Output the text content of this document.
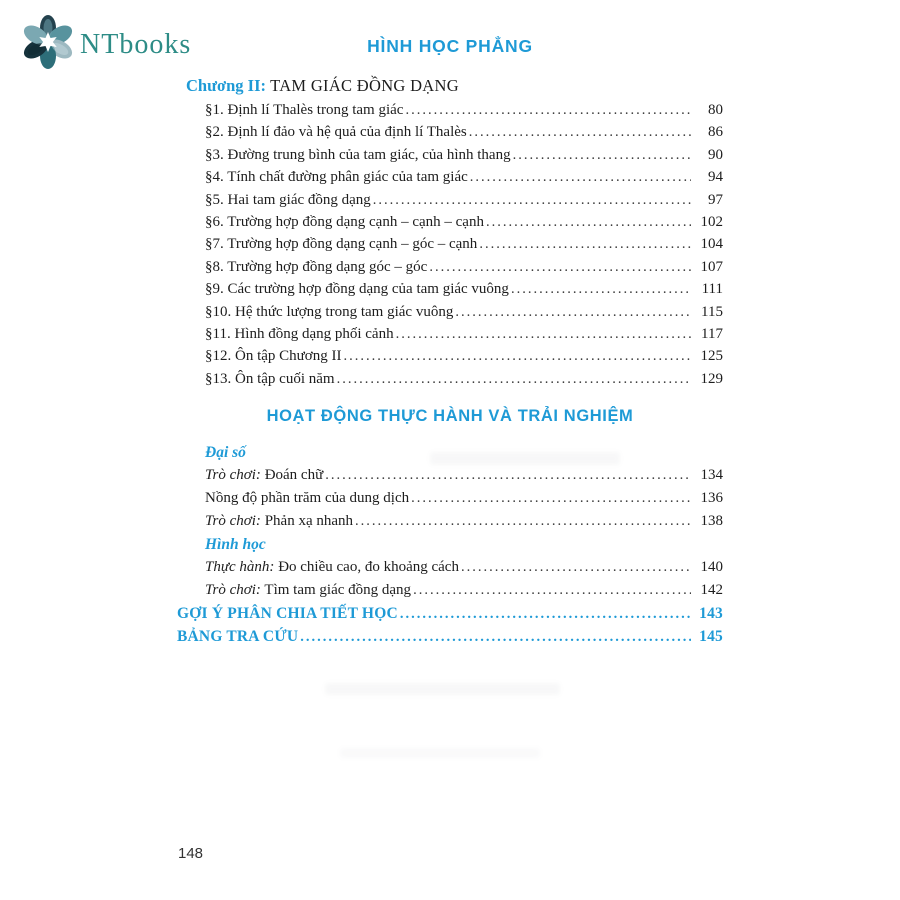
NTbooks	HÌNH HỌC PHẲNG
Chương II: TAM GIÁC ĐỒNG DẠNG
§1. Định lí Thalès trong tam giác .....	80
§2. Định lí đảo và hệ quả của định lí Thalès .....	86
§3. Đường trung bình của tam giác, của hình thang .....	90
§4. Tính chất đường phân giác của tam giác .....	94
§5. Hai tam giác đồng dạng .....	97
§6. Trường hợp đồng dạng cạnh – cạnh – cạnh .....	102
§7. Trường hợp đồng dạng cạnh – góc – cạnh .....	104
§8. Trường hợp đồng dạng góc – góc .....	107
§9. Các trường hợp đồng dạng của tam giác vuông .....	111
§10. Hệ thức lượng trong tam giác vuông .....	115
§11. Hình đồng dạng phối cảnh .....	117
§12. Ôn tập Chương II .....	125
§13. Ôn tập cuối năm .....	129
HOẠT ĐỘNG THỰC HÀNH VÀ TRẢI NGHIỆM
Đại số
Trò chơi: Đoán chữ .....	134
Nồng độ phần trăm của dung dịch .....	136
Trò chơi: Phản xạ nhanh .....	138
Hình học
Thực hành: Đo chiều cao, đo khoảng cách .....	140
Trò chơi: Tìm tam giác đồng dạng .....	142
GỢI Ý PHÂN CHIA TIẾT HỌC .....	143
BẢNG TRA CỨU .....	145
148
